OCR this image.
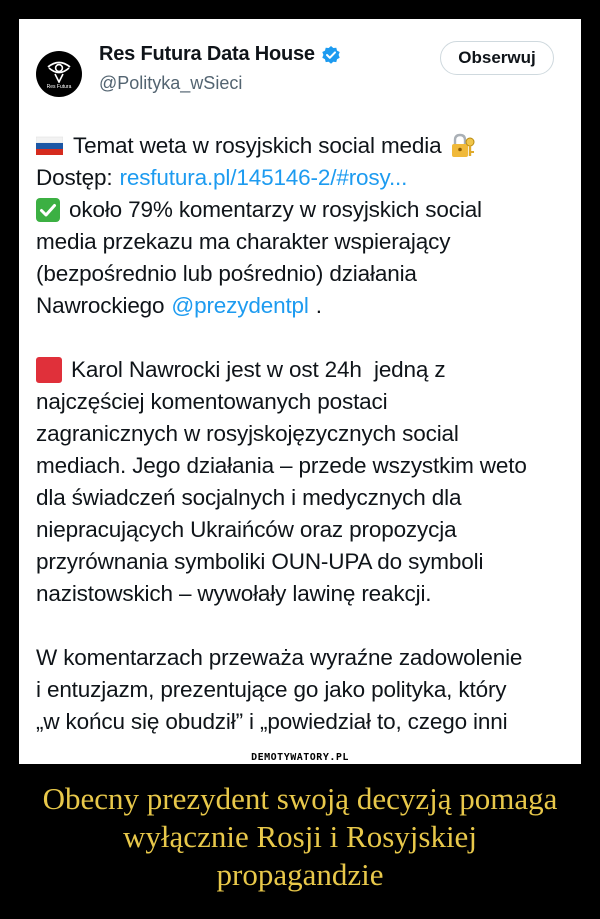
Res Futura
Res Futura Data House
@Polityka_wSieci
Obserwuj
Temat weta w rosyjskich social media
Dostęp: resfutura.pl/145146-2/#rosy...
około 79% komentarzy w rosyjskich social
media przekazu ma charakter wspierający
(bezpośrednio lub pośrednio) działania
Nawrockiego @prezydentpl .
Karol Nawrocki jest w ost 24h  jedną z
najczęściej komentowanych postaci
zagranicznych w rosyjskojęzycznych social
mediach. Jego działania – przede wszystkim weto
dla świadczeń socjalnych i medycznych dla
niepracujących Ukraińców oraz propozycja
przyrównania symboliki OUN-UPA do symboli
nazistowskich – wywołały lawinę reakcji.
W komentarzach przeważa wyraźne zadowolenie
i entuzjazm, prezentujące go jako polityka, który
„w końcu się obudził” i „powiedział to, czego inni
DEMOTYWATORY.PL
Obecny prezydent swoją decyzją pomaga
wyłącznie Rosji i Rosyjskiej
propagandzie
